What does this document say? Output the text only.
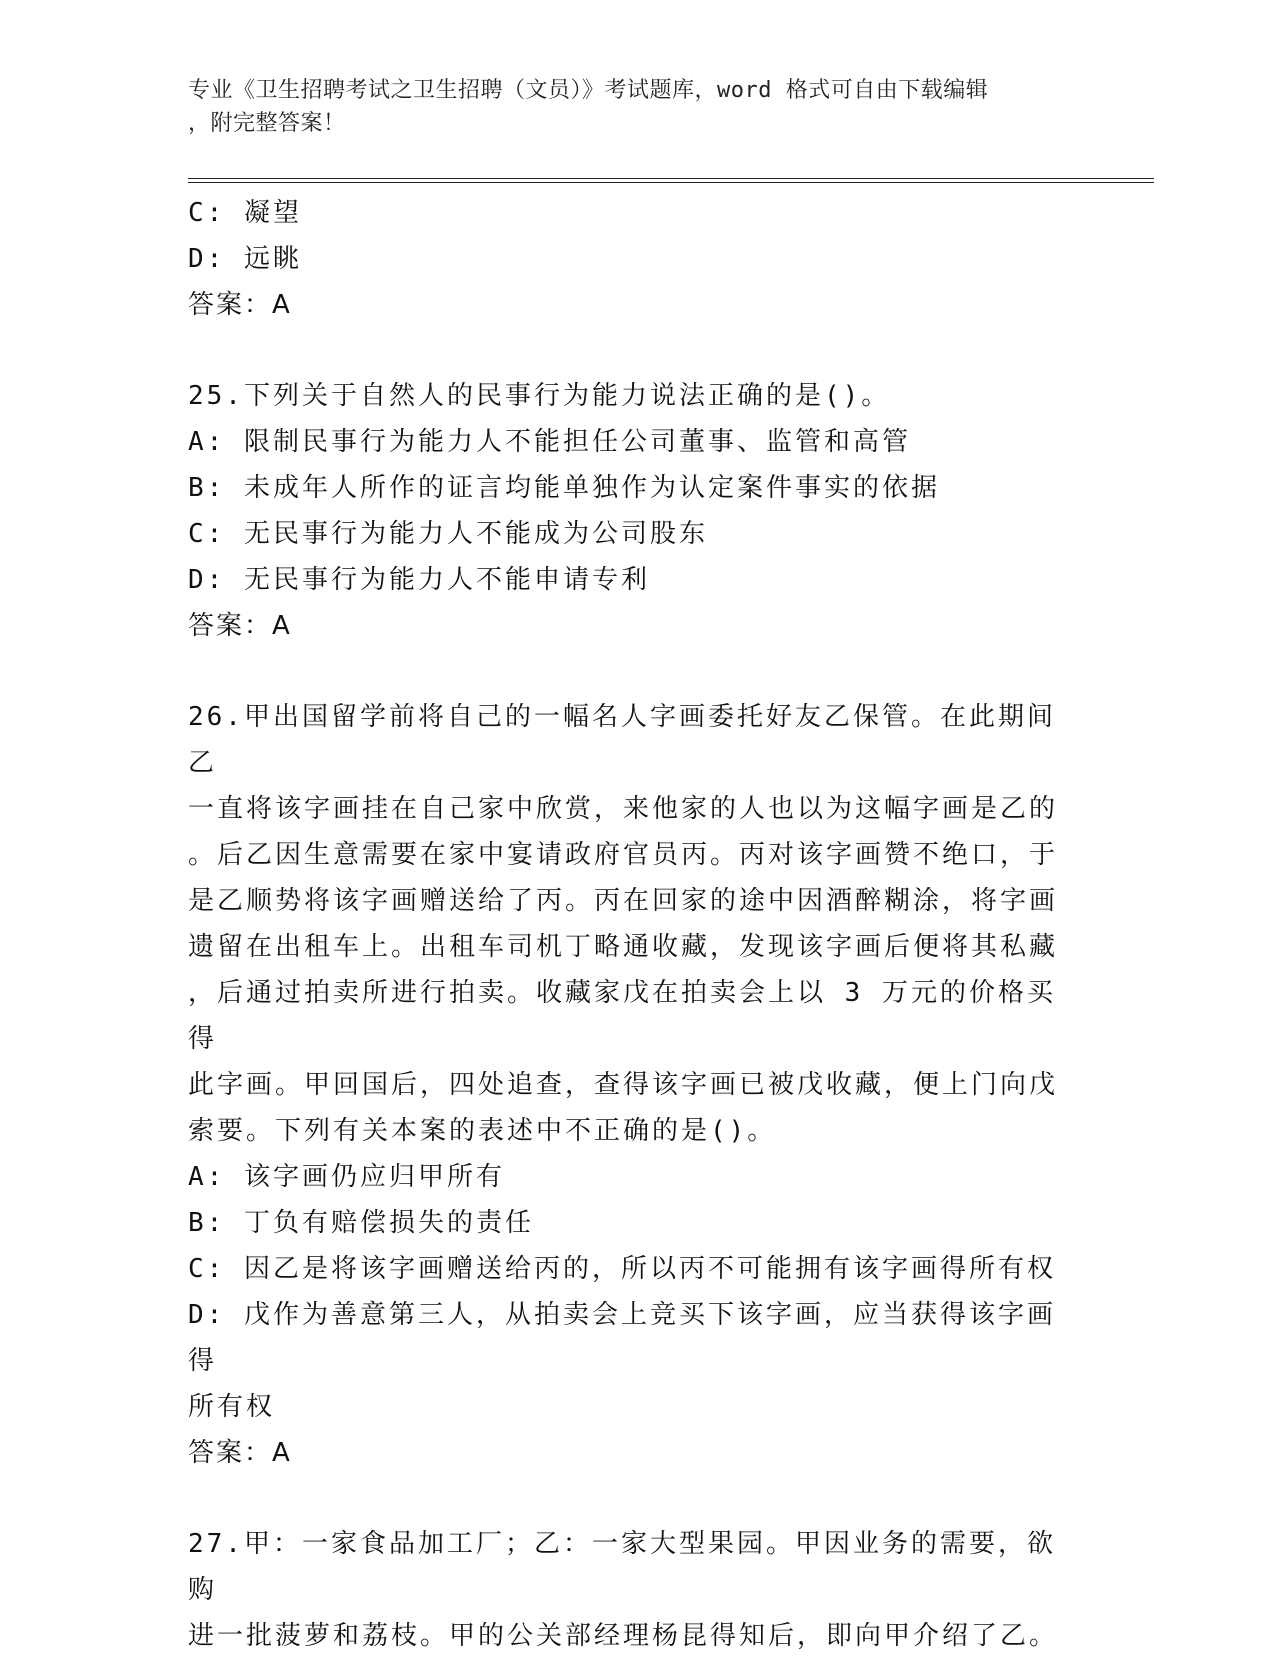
专业《卫生招聘考试之卫生招聘（文员）》考试题库，word 格式可自由下载编辑
，附完整答案！
C: 凝望
D: 远眺
答案：A
25.下列关于自然人的民事行为能力说法正确的是()。
A: 限制民事行为能力人不能担任公司董事、监管和高管
B: 未成年人所作的证言均能单独作为认定案件事实的依据
C: 无民事行为能力人不能成为公司股东
D: 无民事行为能力人不能申请专利
答案：A
26.甲出国留学前将自己的一幅名人字画委托好友乙保管。在此期间乙
一直将该字画挂在自己家中欣赏，来他家的人也以为这幅字画是乙的
。后乙因生意需要在家中宴请政府官员丙。丙对该字画赞不绝口，于
是乙顺势将该字画赠送给了丙。丙在回家的途中因酒醉糊涂，将字画
遗留在出租车上。出租车司机丁略通收藏，发现该字画后便将其私藏
，后通过拍卖所进行拍卖。收藏家戊在拍卖会上以 3 万元的价格买得
此字画。甲回国后，四处追查，查得该字画已被戊收藏，便上门向戊
索要。下列有关本案的表述中不正确的是()。
A: 该字画仍应归甲所有
B: 丁负有赔偿损失的责任
C: 因乙是将该字画赠送给丙的，所以丙不可能拥有该字画得所有权
D: 戊作为善意第三人，从拍卖会上竞买下该字画，应当获得该字画得
所有权
答案：A
27.甲：一家食品加工厂；乙：一家大型果园。甲因业务的需要，欲购
进一批菠萝和荔枝。甲的公关部经理杨昆得知后，即向甲介绍了乙。
